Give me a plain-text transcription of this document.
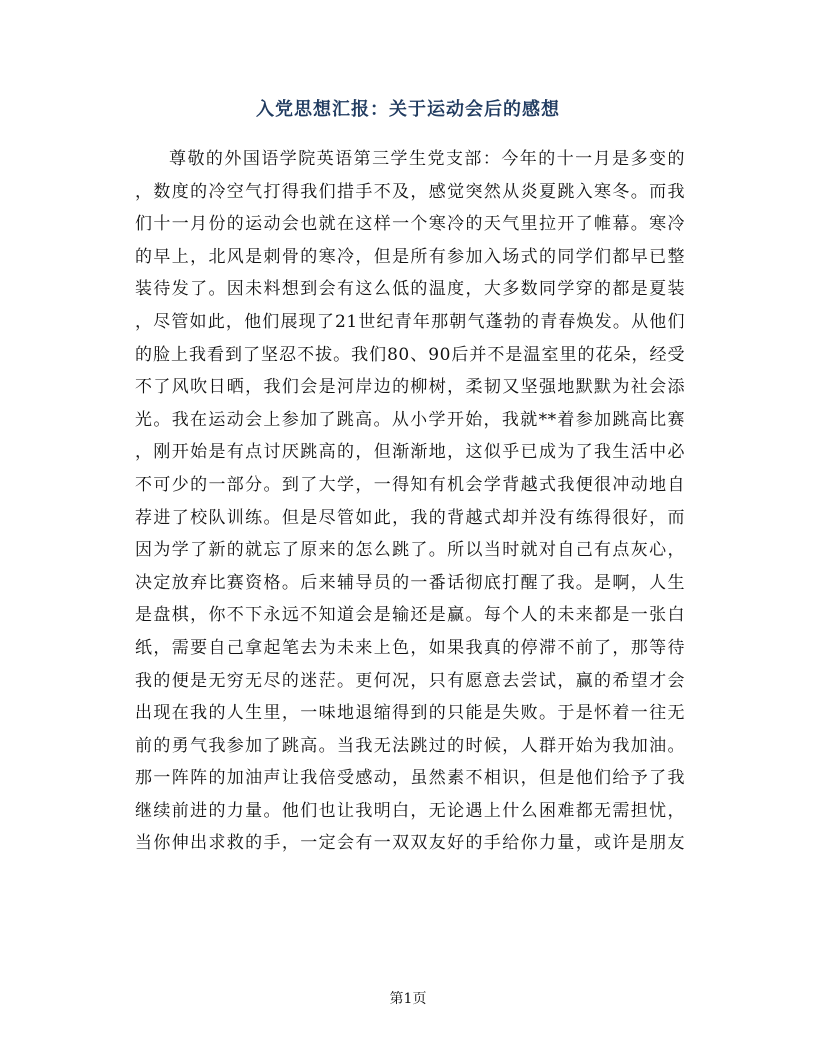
入党思想汇报：关于运动会后的感想
尊敬的外国语学院英语第三学生党支部：今年的十一月是多变的
，数度的冷空气打得我们措手不及，感觉突然从炎夏跳入寒冬。而我
们十一月份的运动会也就在这样一个寒冷的天气里拉开了帷幕。寒冷
的早上，北风是刺骨的寒冷，但是所有参加入场式的同学们都早已整
装待发了。因未料想到会有这么低的温度，大多数同学穿的都是夏装
，尽管如此，他们展现了21世纪青年那朝气蓬勃的青春焕发。从他们
的脸上我看到了坚忍不拔。我们80、90后并不是温室里的花朵，经受
不了风吹日晒，我们会是河岸边的柳树，柔韧又坚强地默默为社会添
光。我在运动会上参加了跳高。从小学开始，我就**着参加跳高比赛
，刚开始是有点讨厌跳高的，但渐渐地，这似乎已成为了我生活中必
不可少的一部分。到了大学，一得知有机会学背越式我便很冲动地自
荐进了校队训练。但是尽管如此，我的背越式却并没有练得很好，而
因为学了新的就忘了原来的怎么跳了。所以当时就对自己有点灰心，
决定放弃比赛资格。后来辅导员的一番话彻底打醒了我。是啊，人生
是盘棋，你不下永远不知道会是输还是赢。每个人的未来都是一张白
纸，需要自己拿起笔去为未来上色，如果我真的停滞不前了，那等待
我的便是无穷无尽的迷茫。更何况，只有愿意去尝试，赢的希望才会
出现在我的人生里，一味地退缩得到的只能是失败。于是怀着一往无
前的勇气我参加了跳高。当我无法跳过的时候，人群开始为我加油。
那一阵阵的加油声让我倍受感动，虽然素不相识，但是他们给予了我
继续前进的力量。他们也让我明白，无论遇上什么困难都无需担忧，
当你伸出求救的手，一定会有一双双友好的手给你力量，或许是朋友
第1页
